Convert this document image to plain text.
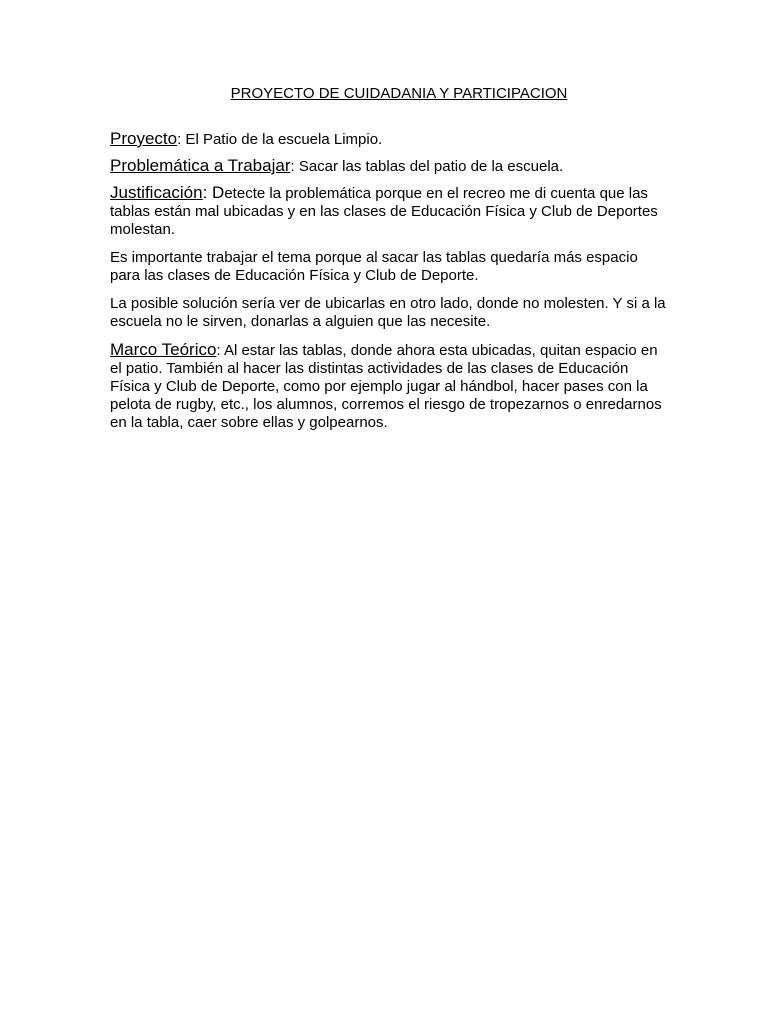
PROYECTO DE CUIDADANIA Y PARTICIPACION

Proyecto: El Patio de la escuela Limpio.

Problemática a Trabajar: Sacar las tablas del patio de la escuela.

Justificación: Detecte la problemática porque en el recreo me di cuenta que las tablas están mal ubicadas y en las clases de Educación Física y Club de Deportes molestan.

Es importante trabajar el tema porque al sacar las tablas quedaría más espacio para las clases de Educación Física y Club de Deporte.

La posible solución sería ver de ubicarlas en otro lado, donde no molesten. Y si a la escuela no le sirven, donarlas a alguien que las necesite.

Marco Teórico: Al estar las tablas, donde ahora esta ubicadas, quitan espacio en el patio. También al hacer las distintas actividades de las clases de Educación Física y Club de Deporte, como por ejemplo jugar al hándbol, hacer pases con la pelota de rugby, etc., los alumnos, corremos el riesgo de tropezarnos o enredarnos en la tabla, caer sobre ellas y golpearnos.
